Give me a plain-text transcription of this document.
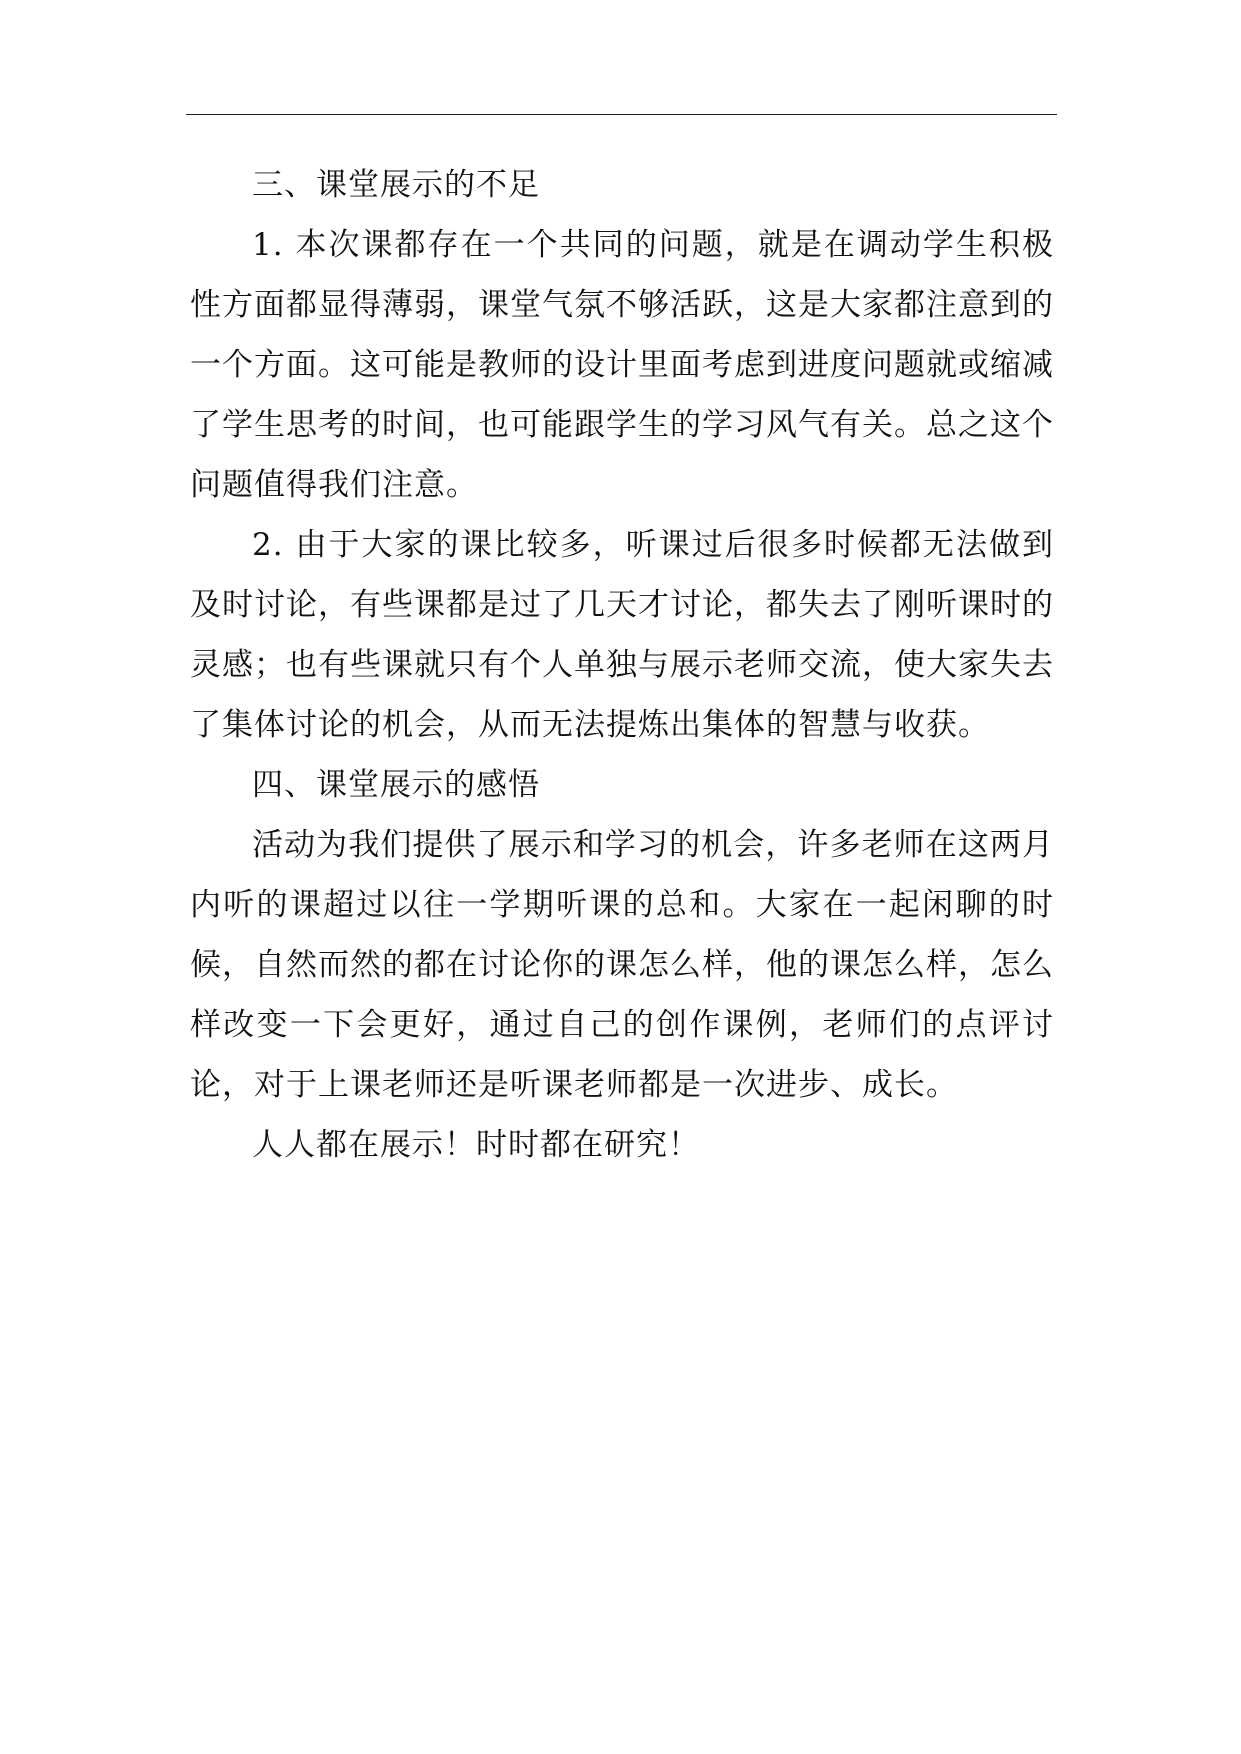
三、课堂展示的不足

1. 本次课都存在一个共同的问题，就是在调动学生积极性方面都显得薄弱，课堂气氛不够活跃，这是大家都注意到的一个方面。这可能是教师的设计里面考虑到进度问题就或缩减了学生思考的时间，也可能跟学生的学习风气有关。总之这个问题值得我们注意。

2. 由于大家的课比较多，听课过后很多时候都无法做到及时讨论，有些课都是过了几天才讨论，都失去了刚听课时的灵感；也有些课就只有个人单独与展示老师交流，使大家失去了集体讨论的机会，从而无法提炼出集体的智慧与收获。

四、课堂展示的感悟

活动为我们提供了展示和学习的机会，许多老师在这两月内听的课超过以往一学期听课的总和。大家在一起闲聊的时候，自然而然的都在讨论你的课怎么样，他的课怎么样，怎么样改变一下会更好，通过自己的创作课例，老师们的点评讨论，对于上课老师还是听课老师都是一次进步、成长。

人人都在展示！时时都在研究！
